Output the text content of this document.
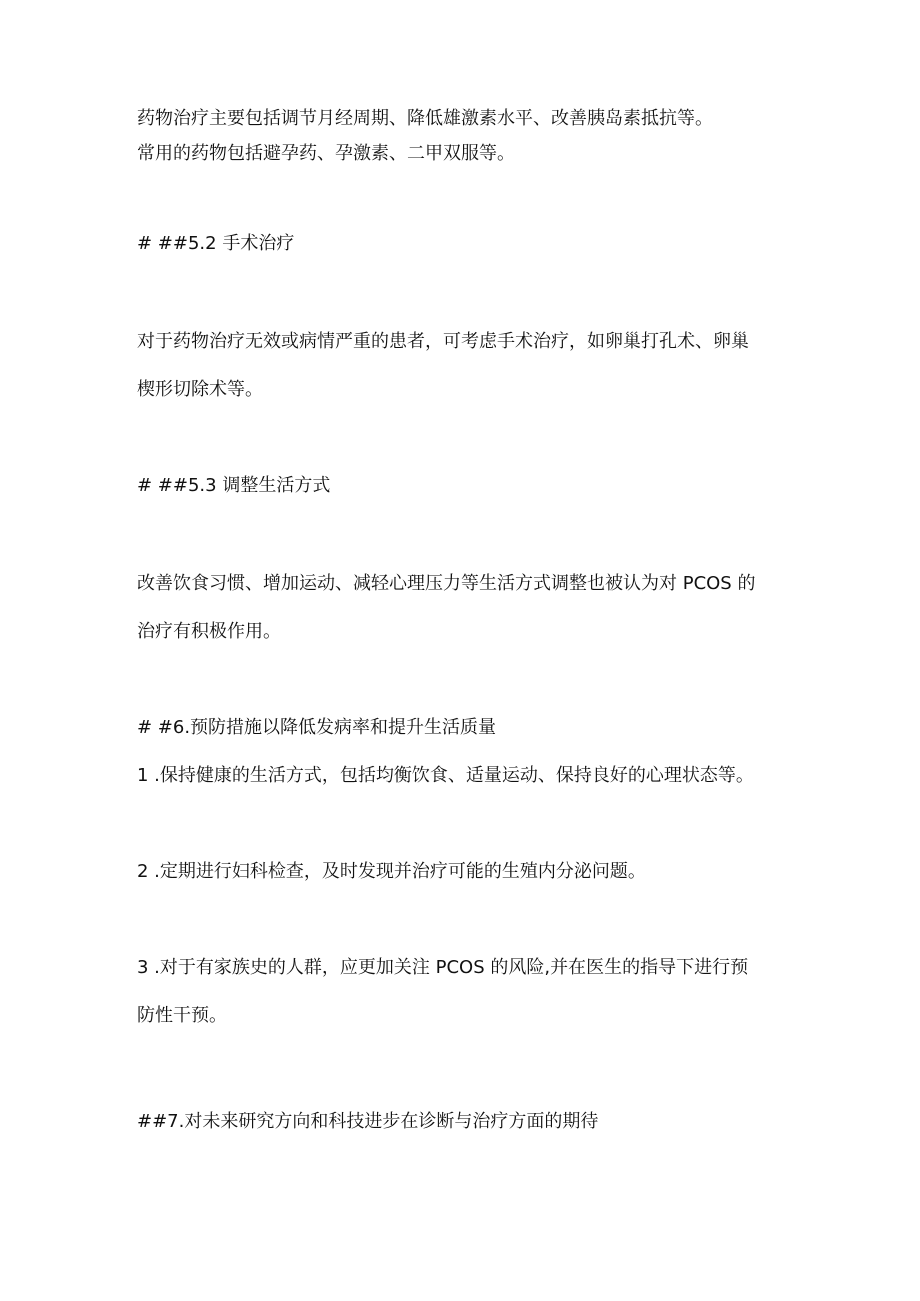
药物治疗主要包括调节月经周期、降低雄激素水平、改善胰岛素抵抗等。
常用的药物包括避孕药、孕激素、二甲双服等。
# ##5.2 手术治疗
对于药物治疗无效或病情严重的患者，可考虑手术治疗，如卵巢打孔术、卵巢
楔形切除术等。
# ##5.3 调整生活方式
改善饮食习惯、增加运动、减轻心理压力等生活方式调整也被认为对 PCOS 的
治疗有积极作用。
# #6.预防措施以降低发病率和提升生活质量
1 .保持健康的生活方式，包括均衡饮食、适量运动、保持良好的心理状态等。
2 .定期进行妇科检查，及时发现并治疗可能的生殖内分泌问题。
3 .对于有家族史的人群，应更加关注 PCOS 的风险,并在医生的指导下进行预
防性干预。
##7.对未来研究方向和科技进步在诊断与治疗方面的期待
